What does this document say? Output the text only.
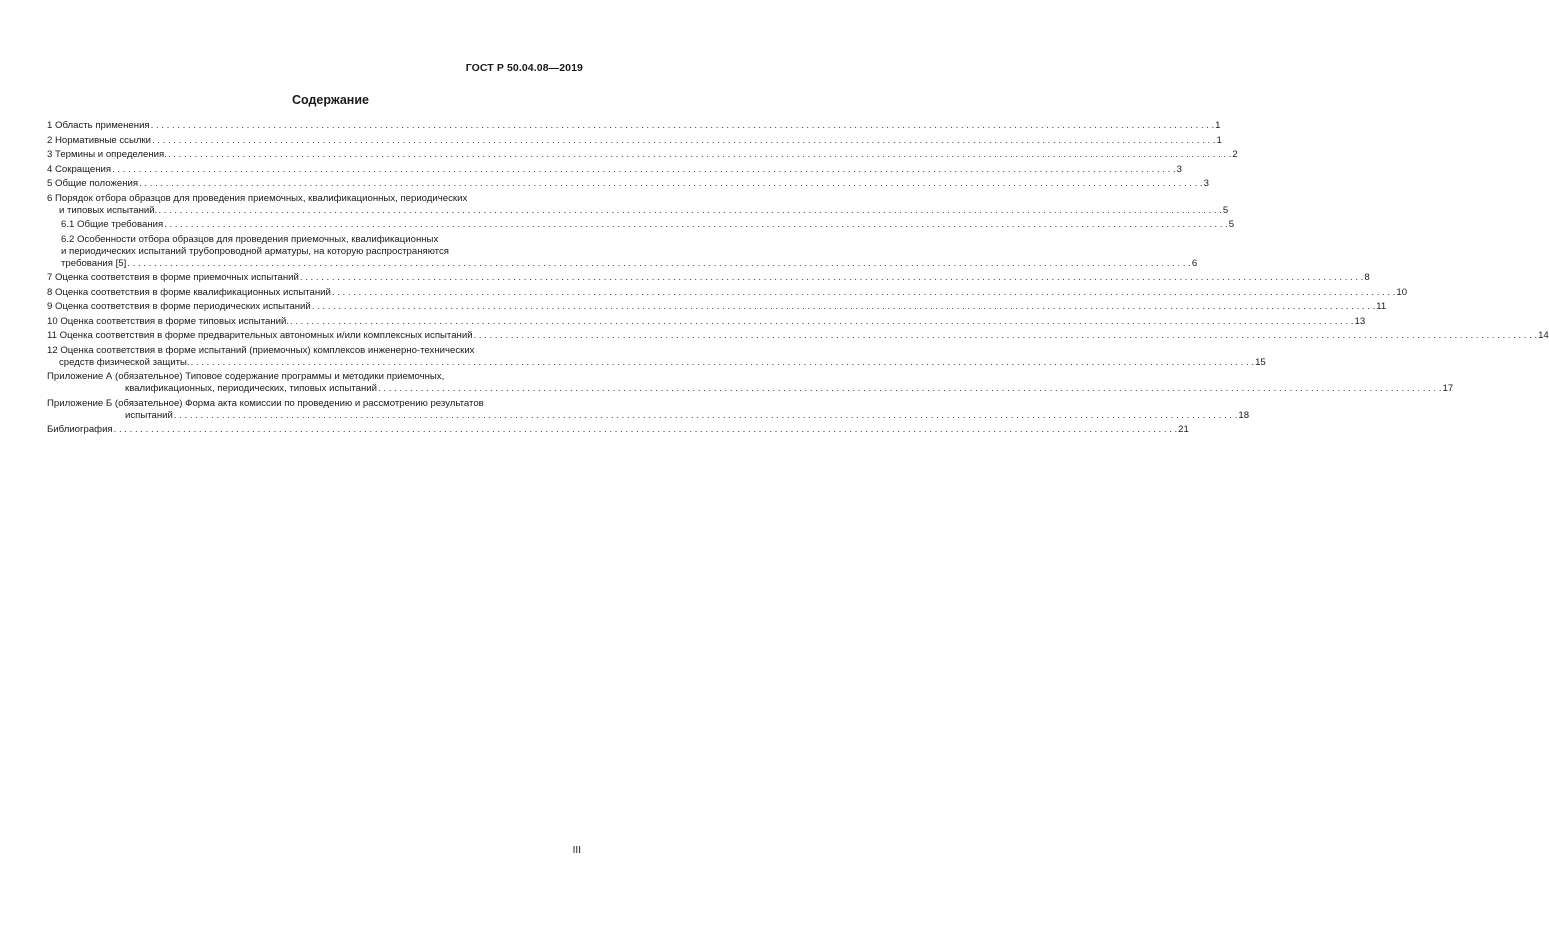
ГОСТ Р 50.04.08—2019
Содержание
1 Область применения . . . . . . . . . . . . . . . . . . . . . . . . . . . . . . . . . . . . . . . . . . . . . . . . . . . . . . . . . . . . . . . . . . . . . . . . . . . . . . . . . . . . . . . . . . . . . . . . . . . . . . . . . . . . . . . . . . . . . . . . . . . . . . . . . . . . . . . . . . . . . . . . . . . . . . . . . . . . . . . . . . . . . . . . . . . . . . . . . . . . . . . . . . . . . . . . . . . . . . . . 1
2 Нормативные ссылки . . . . . . . . . . . . . . . . . . . . . . . . . . . . . . . . . . . . . . . . . . . . . . . . . . . . . . . . . . . . . . . . . . . . . . . . . . . . . . . . . . . . . . . . . . . . . . . . . . . . . . . . . . . . . . . . . . . . . . . . . . . . . . . . . . . . . . . . . . . . . . . . . . . . . . . . . . . . . . . . . . . . . . . . . . . . . . . . . . . . . . . . . . . . . . . . . . . . . . . . 1
3 Термины и определения. . . . . . . . . . . . . . . . . . . . . . . . . . . . . . . . . . . . . . . . . . . . . . . . . . . . . . . . . . . . . . . . . . . . . . . . . . . . . . . . . . . . . . . . . . . . . . . . . . . . . . . . . . . . . . . . . . . . . . . . . . . . . . . . . . . . . . . . . . . . . . . . . . . . . . . . . . . . . . . . . . . . . . . . . . . . . . . . . . . . . . . . . . . . . . . . . . . . . . . . . 2
4 Сокращения . . . . . . . . . . . . . . . . . . . . . . . . . . . . . . . . . . . . . . . . . . . . . . . . . . . . . . . . . . . . . . . . . . . . . . . . . . . . . . . . . . . . . . . . . . . . . . . . . . . . . . . . . . . . . . . . . . . . . . . . . . . . . . . . . . . . . . . . . . . . . . . . . . . . . . . . . . . . . . . . . . . . . . . . . . . . . . . . . . . . . . . . . . . . . . . . . . . . . . . . 3
5 Общие положения . . . . . . . . . . . . . . . . . . . . . . . . . . . . . . . . . . . . . . . . . . . . . . . . . . . . . . . . . . . . . . . . . . . . . . . . . . . . . . . . . . . . . . . . . . . . . . . . . . . . . . . . . . . . . . . . . . . . . . . . . . . . . . . . . . . . . . . . . . . . . . . . . . . . . . . . . . . . . . . . . . . . . . . . . . . . . . . . . . . . . . . . . . . . . . . . . . . . . . . . 3
6 Порядок отбора образцов для проведения приемочных, квалификационных, периодических
и типовых испытаний. . . . . . . . . . . . . . . . . . . . . . . . . . . . . . . . . . . . . . . . . . . . . . . . . . . . . . . . . . . . . . . . . . . . . . . . . . . . . . . . . . . . . . . . . . . . . . . . . . . . . . . . . . . . . . . . . . . . . . . . . . . . . . . . . . . . . . . . . . . . . . . . . . . . . . . . . . . . . . . . . . . . . . . . . . . . . . . . . . . . . . . . . . . . . . . . . . . . . . . . . 5
6.1 Общие требования . . . . . . . . . . . . . . . . . . . . . . . . . . . . . . . . . . . . . . . . . . . . . . . . . . . . . . . . . . . . . . . . . . . . . . . . . . . . . . . . . . . . . . . . . . . . . . . . . . . . . . . . . . . . . . . . . . . . . . . . . . . . . . . . . . . . . . . . . . . . . . . . . . . . . . . . . . . . . . . . . . . . . . . . . . . . . . . . . . . . . . . . . . . . . . . . . . . . . . . . 5
6.2 Особенности отбора образцов для проведения приемочных, квалификационных
и периодических испытаний трубопроводной арматуры, на которую распространяются
требования [5] . . . . . . . . . . . . . . . . . . . . . . . . . . . . . . . . . . . . . . . . . . . . . . . . . . . . . . . . . . . . . . . . . . . . . . . . . . . . . . . . . . . . . . . . . . . . . . . . . . . . . . . . . . . . . . . . . . . . . . . . . . . . . . . . . . . . . . . . . . . . . . . . . . . . . . . . . . . . . . . . . . . . . . . . . . . . . . . . . . . . . . . . . . . . . . . . . . . . . . . . 6
7 Оценка соответствия в форме приемочных испытаний . . . . . . . . . . . . . . . . . . . . . . . . . . . . . . . . . . . . . . . . . . . . . . . . . . . . . . . . . . . . . . . . . . . . . . . . . . . . . . . . . . . . . . . . . . . . . . . . . . . . . . . . . . . . . . . . . . . . . . . . . . . . . . . . . . . . . . . . . . . . . . . . . . . . . . . . . . . . . . . . . . . . . . . . . . . . . . . . . . . . . . . . . . . . . . . . . . . . . . . . 8
8 Оценка соответствия в форме квалификационных испытаний . . . . . . . . . . . . . . . . . . . . . . . . . . . . . . . . . . . . . . . . . . . . . . . . . . . . . . . . . . . . . . . . . . . . . . . . . . . . . . . . . . . . . . . . . . . . . . . . . . . . . . . . . . . . . . . . . . . . . . . . . . . . . . . . . . . . . . . . . . . . . . . . . . . . . . . . . . . . . . . . . . . . . . . . . . . . . . . . . . . . . . . . . . . . . . . . . . . . . . . . 10
9 Оценка соответствия в форме периодических испытаний . . . . . . . . . . . . . . . . . . . . . . . . . . . . . . . . . . . . . . . . . . . . . . . . . . . . . . . . . . . . . . . . . . . . . . . . . . . . . . . . . . . . . . . . . . . . . . . . . . . . . . . . . . . . . . . . . . . . . . . . . . . . . . . . . . . . . . . . . . . . . . . . . . . . . . . . . . . . . . . . . . . . . . . . . . . . . . . . . . . . . . . . . . . . . . . . . . . . . . . . 11
10 Оценка соответствия в форме типовых испытаний. . . . . . . . . . . . . . . . . . . . . . . . . . . . . . . . . . . . . . . . . . . . . . . . . . . . . . . . . . . . . . . . . . . . . . . . . . . . . . . . . . . . . . . . . . . . . . . . . . . . . . . . . . . . . . . . . . . . . . . . . . . . . . . . . . . . . . . . . . . . . . . . . . . . . . . . . . . . . . . . . . . . . . . . . . . . . . . . . . . . . . . . . . . . . . . . . . . . . . . . . 13
11 Оценка соответствия в форме предварительных автономных и/или комплексных испытаний . . . . . . . . . . . . . . . . . . . . . . . . . . . . . . . . . . . . . . . . . . . . . . . . . . . . . . . . . . . . . . . . . . . . . . . . . . . . . . . . . . . . . . . . . . . . . . . . . . . . . . . . . . . . . . . . . . . . . . . . . . . . . . . . . . . . . . . . . . . . . . . . . . . . . . . . . . . . . . . . . . . . . . . . . . . . . . . . . . . . . . . . . . . . . . . . . . . . . . . . 14
12 Оценка соответствия в форме испытаний (приемочных) комплексов инженерно-технических
средств физической защиты. . . . . . . . . . . . . . . . . . . . . . . . . . . . . . . . . . . . . . . . . . . . . . . . . . . . . . . . . . . . . . . . . . . . . . . . . . . . . . . . . . . . . . . . . . . . . . . . . . . . . . . . . . . . . . . . . . . . . . . . . . . . . . . . . . . . . . . . . . . . . . . . . . . . . . . . . . . . . . . . . . . . . . . . . . . . . . . . . . . . . . . . . . . . . . . . . . . . . . . . . 15
Приложение А (обязательное) Типовое содержание программы и методики приемочных,
квалификационных, периодических, типовых испытаний . . . . . . . . . . . . . . . . . . . . . . . . . . . . . . . . . . . . . . . . . . . . . . . . . . . . . . . . . . . . . . . . . . . . . . . . . . . . . . . . . . . . . . . . . . . . . . . . . . . . . . . . . . . . . . . . . . . . . . . . . . . . . . . . . . . . . . . . . . . . . . . . . . . . . . . . . . . . . . . . . . . . . . . . . . . . . . . . . . . . . . . . . . . . . . . . . . . . . . . . 17
Приложение Б (обязательное) Форма акта комиссии по проведению и рассмотрению результатов
испытаний . . . . . . . . . . . . . . . . . . . . . . . . . . . . . . . . . . . . . . . . . . . . . . . . . . . . . . . . . . . . . . . . . . . . . . . . . . . . . . . . . . . . . . . . . . . . . . . . . . . . . . . . . . . . . . . . . . . . . . . . . . . . . . . . . . . . . . . . . . . . . . . . . . . . . . . . . . . . . . . . . . . . . . . . . . . . . . . . . . . . . . . . . . . . . . . . . . . . . . . . 18
Библиография . . . . . . . . . . . . . . . . . . . . . . . . . . . . . . . . . . . . . . . . . . . . . . . . . . . . . . . . . . . . . . . . . . . . . . . . . . . . . . . . . . . . . . . . . . . . . . . . . . . . . . . . . . . . . . . . . . . . . . . . . . . . . . . . . . . . . . . . . . . . . . . . . . . . . . . . . . . . . . . . . . . . . . . . . . . . . . . . . . . . . . . . . . . . . . . . . . . . . . . . 21
III
